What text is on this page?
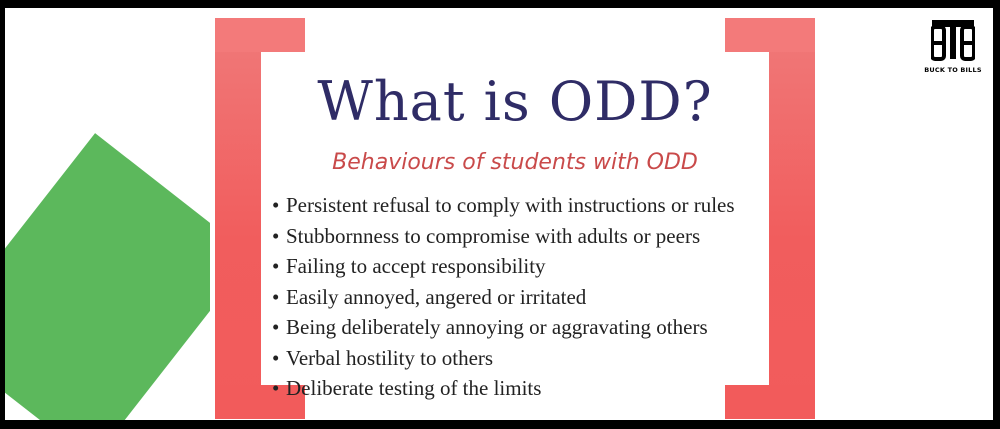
What is ODD?
Behaviours of students with ODD
• Persistent refusal to comply with instructions or rules
• Stubbornness to compromise with adults or peers
• Failing to accept responsibility
• Easily annoyed, angered or irritated
• Being deliberately annoying or aggravating others
• Verbal hostility to others
• Deliberate testing of the limits
BUCK TO BILLS
